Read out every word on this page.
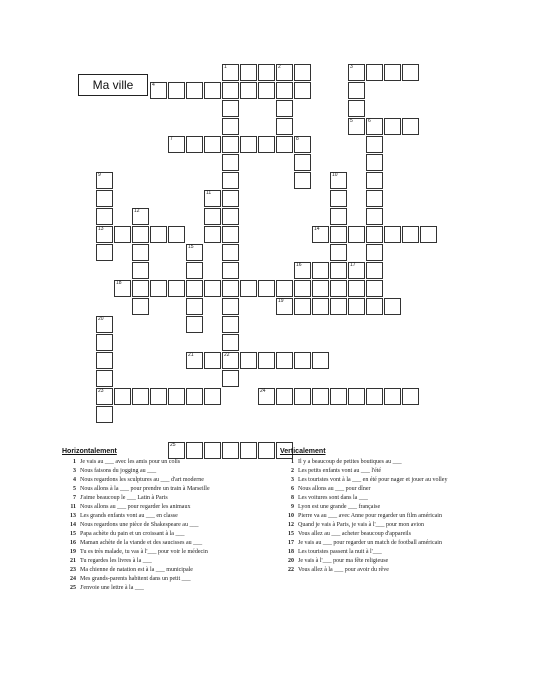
Ma ville
1
22
2	3
5
4
6
7	8
9
13
10
11
12
14
15
16	17
18
19
20
23
21
24
25
Horizontalement
1 Je vais au ___ avec les amis pour un colis
3 Nous faisons du jogging au ___
4 Nous regardons les sculptures au ___ d'art moderne
5 Nous allons à la ___ pour prendre un train à Marseille
7 J'aime beaucoup le ___ Latin à Paris
11 Nous allons au ___ pour regarder les animaux
13 Les grands enfants vont au ___ en classe
14 Nous regardons une pièce de Shakespeare au ___
15 Papa achète du pain et un croissant à la ___
16 Maman achète de la viande et des saucisses au ___
19 Tu es très malade, tu vas à l'___ pour voir le médecin
21 Tu regardes les livres à la ___
23 Ma chienne de natation est à la ___ municipale
24 Mes grands-parents habitent dans un petit ___
25 J'envoie une lettre à la ___
Verticalement
1 Il y a beaucoup de petites boutiques au ___
2 Les petits enfants vont au ___ l'été
3 Les touristes vont à la ___ en été pour nager et jouer au volley
6 Nous allons au ___ pour dîner
8 Les voitures sont dans la ___
9 Lyon est une grande ___ française
10 Pierre va au ___ avec Anne pour regarder un film américain
12 Quand je vais à Paris, je vais à l'___ pour mon avion
15 Vous allez au ___ acheter beaucoup d'appareils
17 Je vais au ___ pour regarder un match de football américain
18 Les touristes passent la nuit à l'___
20 Je vais à l'___ pour ma fête religieuse
22 Vous allez à la ___ pour avoir du rêve
